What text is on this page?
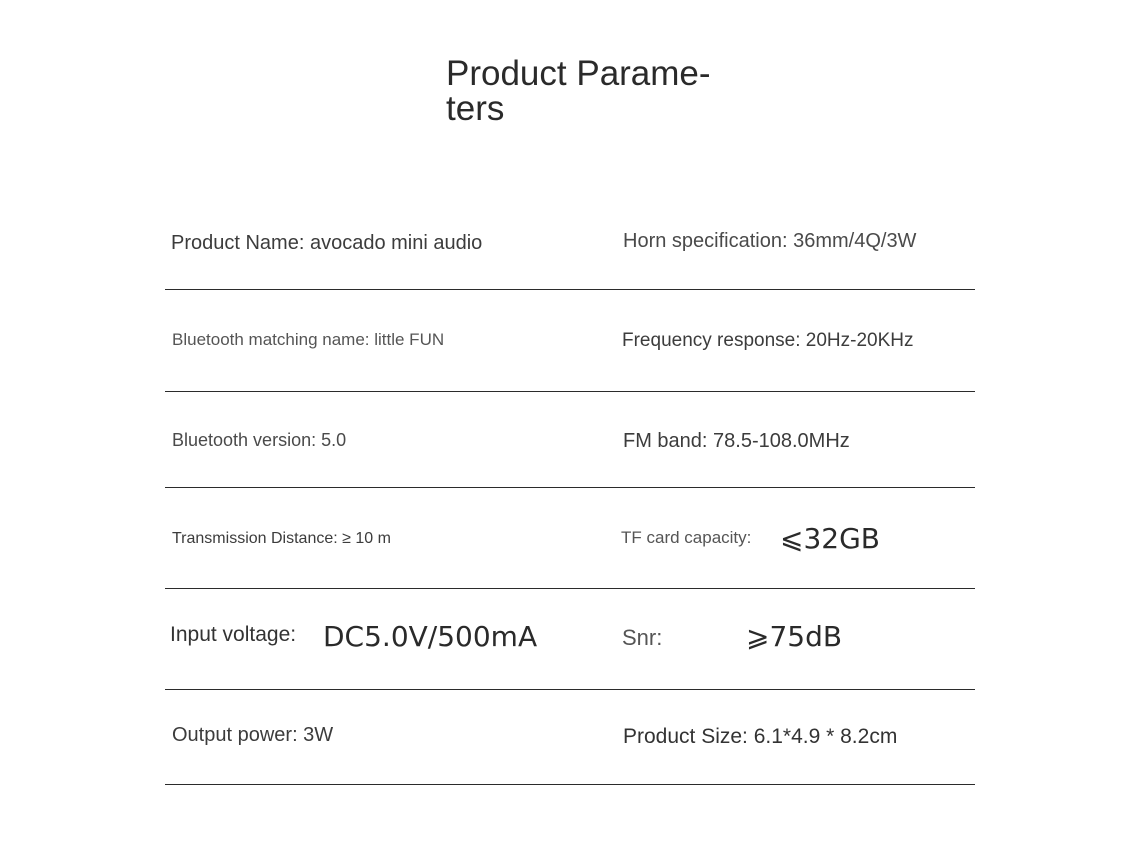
Product Parame-
ters
Product Name: avocado mini audio	Horn specification: 36mm/4Q/3W
Bluetooth matching name: little FUN	Frequency response: 20Hz-20KHz
Bluetooth version: 5.0	FM band: 78.5-108.0MHz
Transmission Distance: ≥ 10 m	TF card capacity: ⩽32GB
Input voltage: DC5.0V/500mA	Snr:	⩾75dB
Output power: 3W	Product Size: 6.1*4.9 * 8.2cm
